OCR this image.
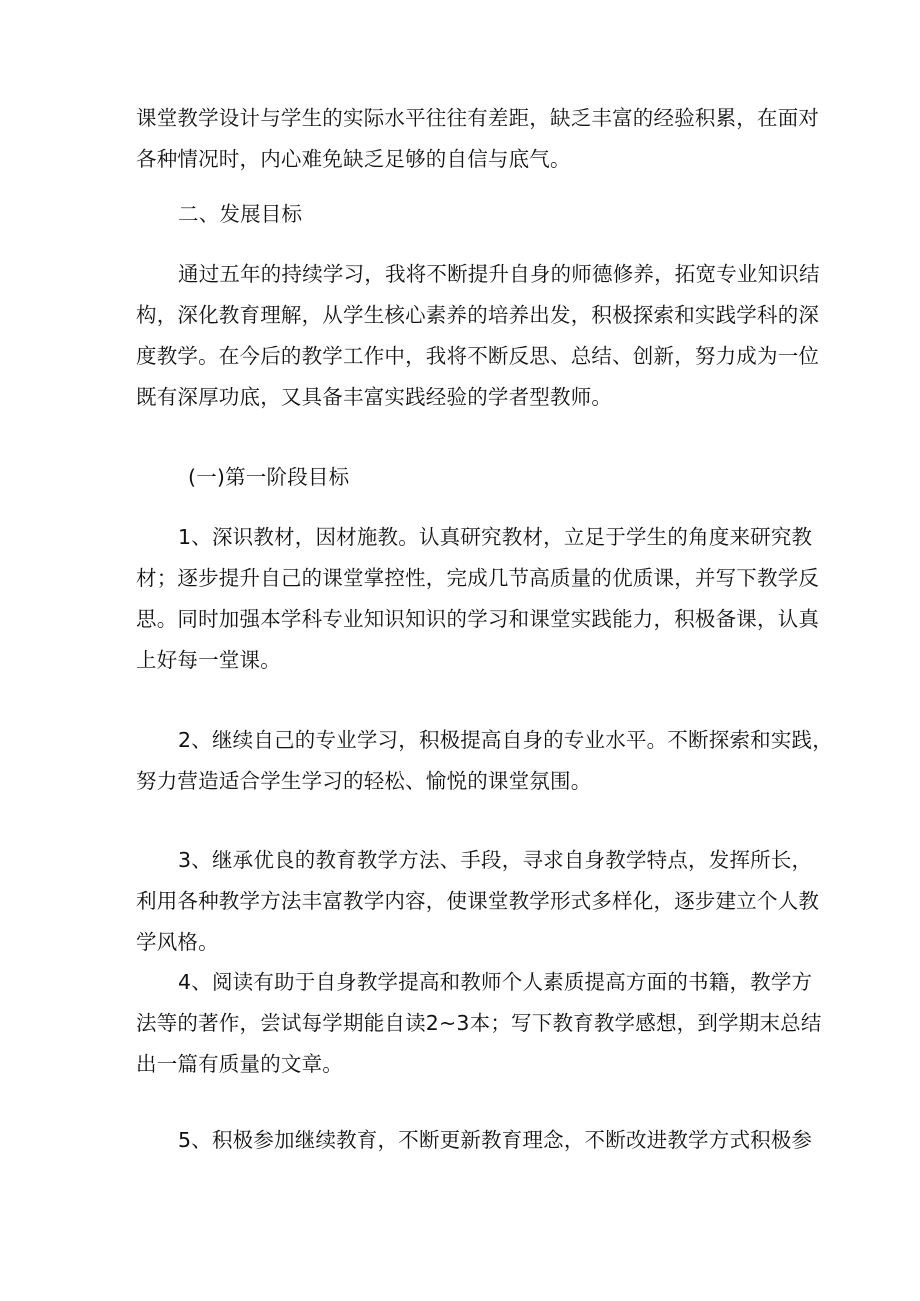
课堂教学设计与学生的实际水平往往有差距，缺乏丰富的经验积累，在面对
各种情况时，内心难免缺乏足够的自信与底气。
二、发展目标
通过五年的持续学习，我将不断提升自身的师德修养，拓宽专业知识结
构，深化教育理解，从学生核心素养的培养出发，积极探索和实践学科的深
度教学。在今后的教学工作中，我将不断反思、总结、创新，努力成为一位
既有深厚功底，又具备丰富实践经验的学者型教师。
(一)第一阶段目标
1、深识教材，因材施教。认真研究教材，立足于学生的角度来研究教
材；逐步提升自己的课堂掌控性，完成几节高质量的优质课，并写下教学反
思。同时加强本学科专业知识知识的学习和课堂实践能力，积极备课，认真
上好每一堂课。
2、继续自己的专业学习，积极提高自身的专业水平。不断探索和实践，
努力营造适合学生学习的轻松、愉悦的课堂氛围。
3、继承优良的教育教学方法、手段，寻求自身教学特点，发挥所长，
利用各种教学方法丰富教学内容，使课堂教学形式多样化，逐步建立个人教
学风格。
4、阅读有助于自身教学提高和教师个人素质提高方面的书籍，教学方
法等的著作，尝试每学期能自读2~3本；写下教育教学感想，到学期末总结
出一篇有质量的文章。
5、积极参加继续教育，不断更新教育理念，不断改进教学方式积极参
